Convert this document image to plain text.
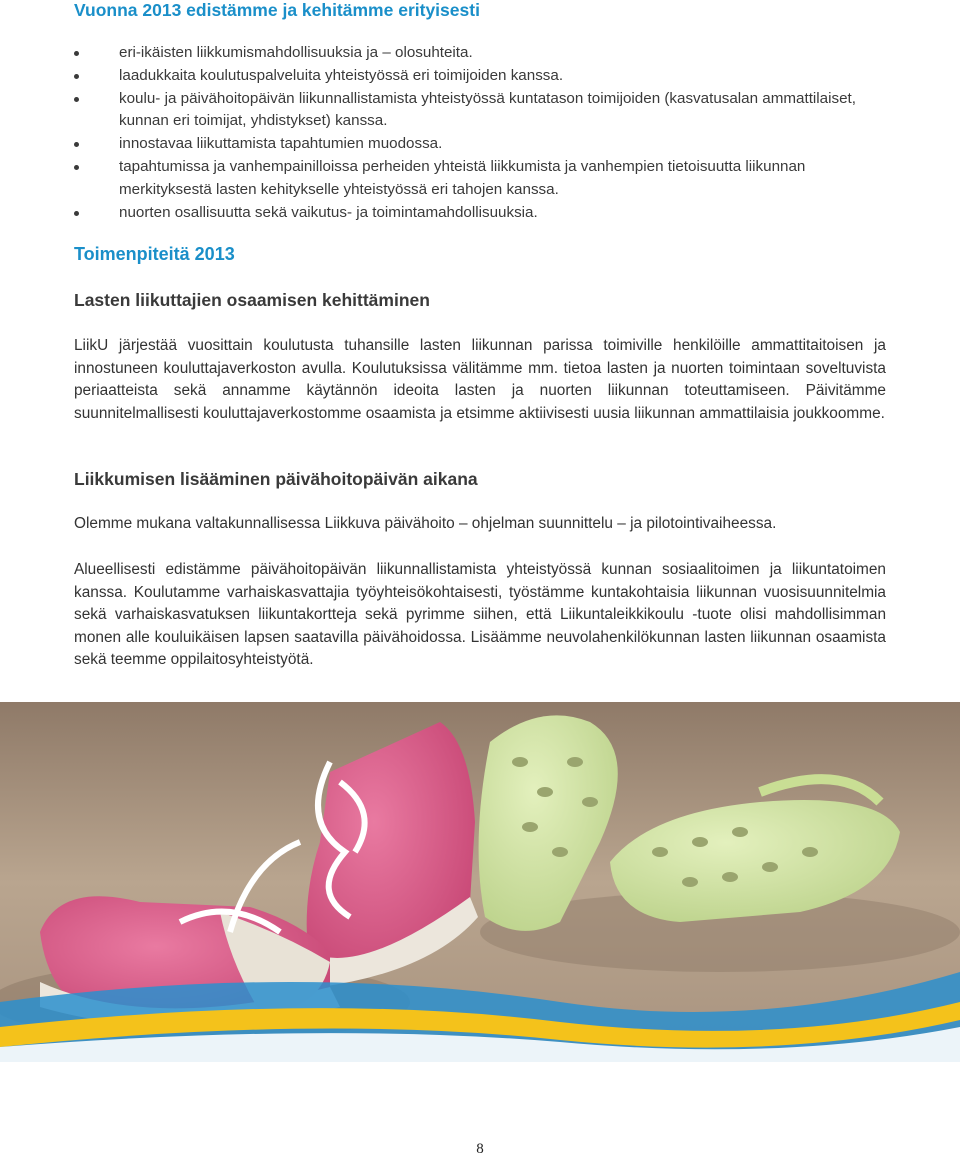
Vuonna 2013 edistämme ja kehitämme erityisesti
eri-ikäisten liikkumismahdollisuuksia ja – olosuhteita.
laadukkaita koulutuspalveluita yhteistyössä eri toimijoiden kanssa.
koulu- ja päivähoitopäivän liikunnallistamista yhteistyössä kuntatason toimijoiden (kasvatusalan ammattilaiset, kunnan eri toimijat, yhdistykset) kanssa.
innostavaa liikuttamista tapahtumien muodossa.
tapahtumissa ja vanhempainilloissa perheiden yhteistä liikkumista ja vanhempien tietoisuutta liikunnan merkityksestä lasten kehitykselle yhteistyössä eri tahojen kanssa.
nuorten osallisuutta sekä vaikutus- ja toimintamahdollisuuksia.
Toimenpiteitä 2013
Lasten liikuttajien osaamisen kehittäminen

LiikU järjestää vuosittain koulutusta tuhansille lasten liikunnan parissa toimiville henkilöille ammattitaitoisen ja innostuneen kouluttajaverkoston avulla. Koulutuksissa välitämme mm. tietoa lasten ja nuorten toimintaan soveltuvista periaatteista sekä annamme käytännön ideoita lasten ja nuorten liikunnan toteuttamiseen. Päivitämme suunnitelmallisesti kouluttajaverkostomme osaamista ja etsimme aktiivisesti uusia liikunnan ammattilaisia joukkoomme.

Liikkumisen lisääminen päivähoitopäivän aikana

Olemme mukana valtakunnallisessa Liikkuva päivähoito – ohjelman suunnittelu – ja pilotointivaiheessa.

Alueellisesti edistämme päivähoitopäivän liikunnallistamista yhteistyössä kunnan sosiaalitoimen ja liikuntatoimen kanssa. Koulutamme varhaiskasvattajia työyhteisökohtaisesti, työstämme kuntakohtaisia liikunnan vuosisuunnitelmia sekä varhaiskasvatuksen liikuntakortteja sekä pyrimme siihen, että Liikuntaleikkikoulu -tuote olisi mahdollisimman monen alle kouluikäisen lapsen saatavilla päivähoidossa. Lisäämme neuvolahenkilökunnan lasten liikunnan osaamista sekä teemme oppilaitosyhteistyötä.

8
